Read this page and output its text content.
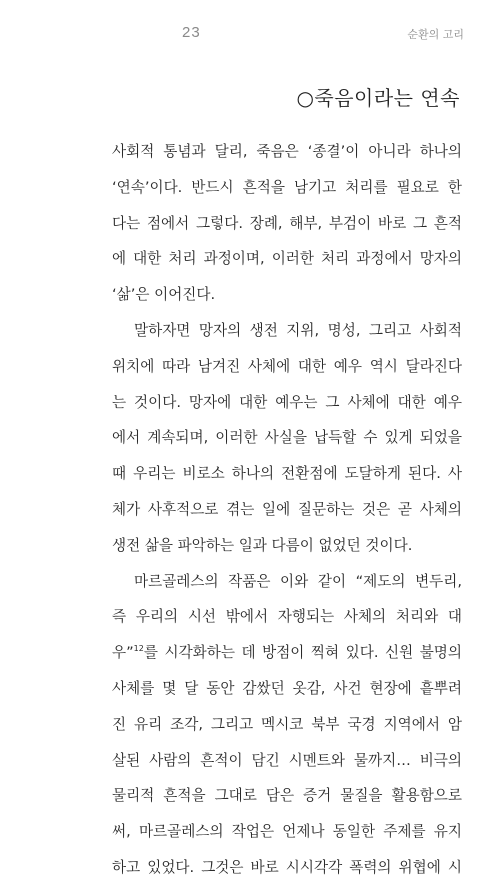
23	순환의 고리
○죽음이라는 연속
사회적 통념과 달리, 죽음은 ‘종결’이 아니라 하나의
‘연속’이다. 반드시 흔적을 남기고 처리를 필요로 한
다는 점에서 그렇다. 장례, 해부, 부검이 바로 그 흔적
에 대한 처리 과정이며, 이러한 처리 과정에서 망자의
‘삶’은 이어진다.
말하자면 망자의 생전 지위, 명성, 그리고 사회적
위치에 따라 남겨진 사체에 대한 예우 역시 달라진다
는 것이다. 망자에 대한 예우는 그 사체에 대한 예우
에서 계속되며, 이러한 사실을 납득할 수 있게 되었을
때 우리는 비로소 하나의 전환점에 도달하게 된다. 사
체가 사후적으로 겪는 일에 질문하는 것은 곧 사체의
생전 삶을 파악하는 일과 다름이 없었던 것이다.
마르골레스의 작품은 이와 같이 “제도의 변두리,
즉 우리의 시선 밖에서 자행되는 사체의 처리와 대
우”$^{12}$를 시각화하는 데 방점이 찍혀 있다. 신원 불명의
사체를 몇 달 동안 감쌌던 옷감, 사건 현장에 흩뿌려
진 유리 조각, 그리고 멕시코 북부 국경 지역에서 암
살된 사람의 흔적이 담긴 시멘트와 물까지… 비극의
물리적 흔적을 그대로 담은 증거 물질을 활용함으로
써, 마르골레스의 작업은 언제나 동일한 주제를 유지
하고 있었다. 그것은 바로 시시각각 폭력의 위협에 시
